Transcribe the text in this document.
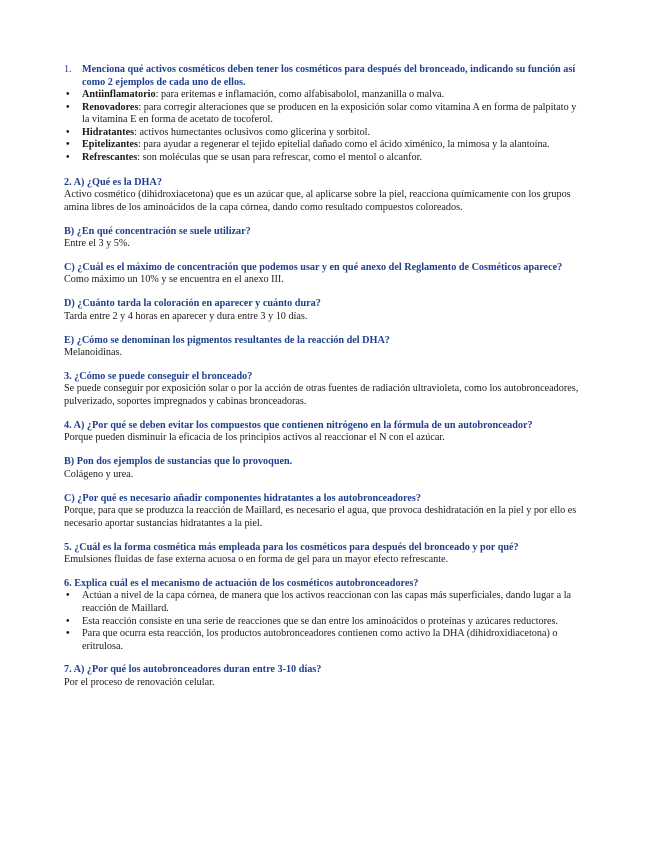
1.	Menciona qué activos cosméticos deben tener los cosméticos para después del bronceado, indicando su función así como 2 ejemplos de cada uno de ellos.
•	Antiinflamatorio: para eritemas e inflamación, como alfabisabolol, manzanilla o malva.
•	Renovadores: para corregir alteraciones que se producen en la exposición solar como vitamina A en forma de palpitato y la vitamina E en forma de acetato de tocoferol.
•	Hidratantes: activos humectantes oclusivos como glicerina y sorbitol.
•	Epitelizantes: para ayudar a regenerar el tejido epitelial dañado como el ácido ximénico, la mimosa y la alantoína.
•	Refrescantes: son moléculas que se usan para refrescar, como el mentol o alcanfor.
2. A) ¿Qué es la DHA?
Activo cosmético (dihidroxiacetona) que es un azúcar que, al aplicarse sobre la piel, reacciona químicamente con los grupos amina libres de los aminoácidos de la capa córnea, dando como resultado compuestos coloreados.
B) ¿En qué concentración se suele utilizar?
Entre el 3 y 5%.
C) ¿Cuál es el máximo de concentración que podemos usar y en qué anexo del Reglamento de Cosméticos aparece?
Como máximo un 10% y se encuentra en el anexo III.
D) ¿Cuánto tarda la coloración en aparecer y cuánto dura?
Tarda entre 2 y 4 horas en aparecer y dura entre 3 y 10 días.
E) ¿Cómo se denominan los pigmentos resultantes de la reacción del DHA?
Melanoidinas.
3. ¿Cómo se puede conseguir el bronceado?
Se puede conseguir por exposición solar o por la acción de otras fuentes de radiación ultravioleta, como los autobronceadores, pulverizado, soportes impregnados y cabinas bronceadoras.
4. A) ¿Por qué se deben evitar los compuestos que contienen nitrógeno en la fórmula de un autobronceador?
Porque pueden disminuir la eficacia de los principios activos al reaccionar el N con el azúcar.
B) Pon dos ejemplos de sustancias que lo provoquen.
Colágeno y urea.
C) ¿Por qué es necesario añadir componentes hidratantes a los autobronceadores?
Porque, para que se produzca la reacción de Maillard, es necesario el agua, que provoca deshidratación en la piel y por ello es necesario aportar sustancias hidratantes a la piel.
5. ¿Cuál es la forma cosmética más empleada para los cosméticos para después del bronceado y por qué?
Emulsiones fluidas de fase externa acuosa o en forma de gel para un mayor efecto refrescante.
6. Explica cuál es el mecanismo de actuación de los cosméticos autobronceadores?
•	Actúan a nivel de la capa córnea, de manera que los activos reaccionan con las capas más superficiales, dando lugar a la reacción de Maillard.
•	Esta reacción consiste en una serie de reacciones que se dan entre los aminoácidos o proteínas y azúcares reductores.
•	Para que ocurra esta reacción, los productos autobronceadores contienen como activo la DHA (dihidroxidiacetona) o eritrulosa.
7. A) ¿Por qué los autobronceadores duran entre 3-10 días?
Por el proceso de renovación celular.
